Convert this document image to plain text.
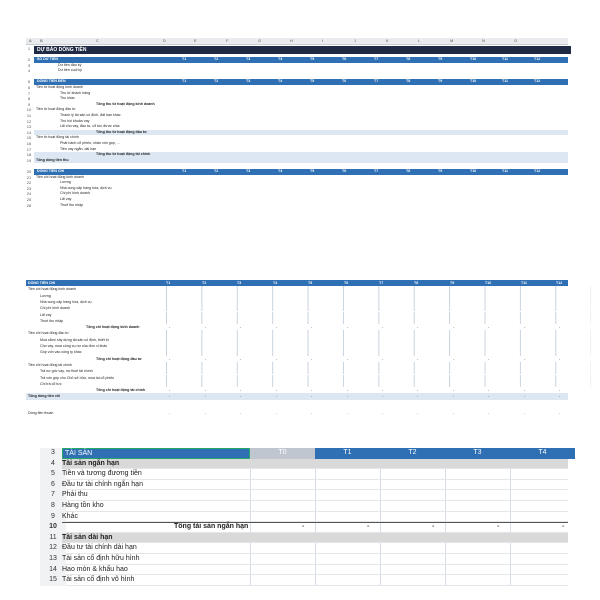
A B	C	D	E	F	G	H	I	J	K	L	M	N	O
1	DỰ BÁO DÒNG TIỀN
2	SỐ DƯ TIỀN	T1	T2	T3	T4	T5	T6	T7	T8	T9	T10	T11	T12
3	Dư tiền đầu kỳ
4	Dư tiền cuối kỳ
5	DÒNG TIỀN ĐẾN	T1	T2	T3	T4	T5	T6	T7	T8	T9	T10	T11	T12
6	Tiền từ hoạt động kinh doanh
7	Thu từ khách hàng
8	Thu khác
9	Tổng thu từ hoạt động kinh doanh
10 Tiền từ hoạt động đầu tư
11	Thanh lý tài sản cố định, đất hạn khác
12	Thu hồi khoản vay
13	Lãi cho vay, đầu tư, cổ tức được chia
14	Tổng thu từ hoạt động đầu tư
15 Tiền từ hoạt động tài chính
16	Phát hành cổ phiếu, nhận vốn góp, ...
17	Tiền vay ngắn, dài hạn
18	Tổng thu từ hoạt động tài chính
19 Tổng dòng tiền thu
20 DÒNG TIỀN CHI	T1	T2	T3	T4	T5	T6	T7	T8	T9	T10	T11	T12
21 Tiền chi hoạt động kinh doanh
22	Lương
23	Nhà cung cấp hàng hóa, dịch vụ
24	Chi phí kinh doanh
25	Lãi vay
26	Thuế thu nhập
DÒNG TIỀN CHI	T1	T2	T3	T4	T5	T6	T7	T8	T9	T10	T11	T12
Tiền chi hoạt động kinh doanh
Lương
Nhà cung cấp hàng hóa, dịch vụ
Chi phí kinh doanh
Lãi vay
Thuế thu nhập
Tổng chi hoạt động kinh doanh	-	-	-	-	-	-	-	-	-	-	-	-
Tiền chi hoạt động đầu tư
Mua sắm/ xây dựng tài sản cố định, thiết bị
Cho vay, mua công cụ nợ của đơn vị khác
Góp vốn vào công ty khác
Tổng chi hoạt động đầu tư	-	-	-	-	-	-	-	-	-	-	-	-
Tiền chi hoạt động tài chính
Trả nợ gốc vay, nợ thuê tài chính
Trả vốn góp cho Chủ sở hữu, mua lại cổ phiếu
Chi trả cổ tức
Tổng chi hoạt động tài chính	-	-	-	-	-	-	-	-	-	-	-	-
Tổng dòng tiền chi	-	-	-	-	-	-	-	-	-	-	-	-
Dòng tiền thuần	-	-	-	-	-	-	-	-	-	-	-	-
3	TÀI SẢN	T0	T1	T2	T3	T4
4	Tài sản ngắn hạn
5	Tiền và tương đương tiền
6	Đầu tư tài chính ngắn hạn
7	Phải thu
8	Hàng tồn kho
9	Khác
10	Tổng tài sản ngắn hạn	-	-	-	-	-
11 Tài sản dài hạn
12 Đầu tư tài chính dài hạn
13 Tài sản cố định hữu hình
14 Hao mòn & khấu hao
15 Tài sản cố định vô hình
